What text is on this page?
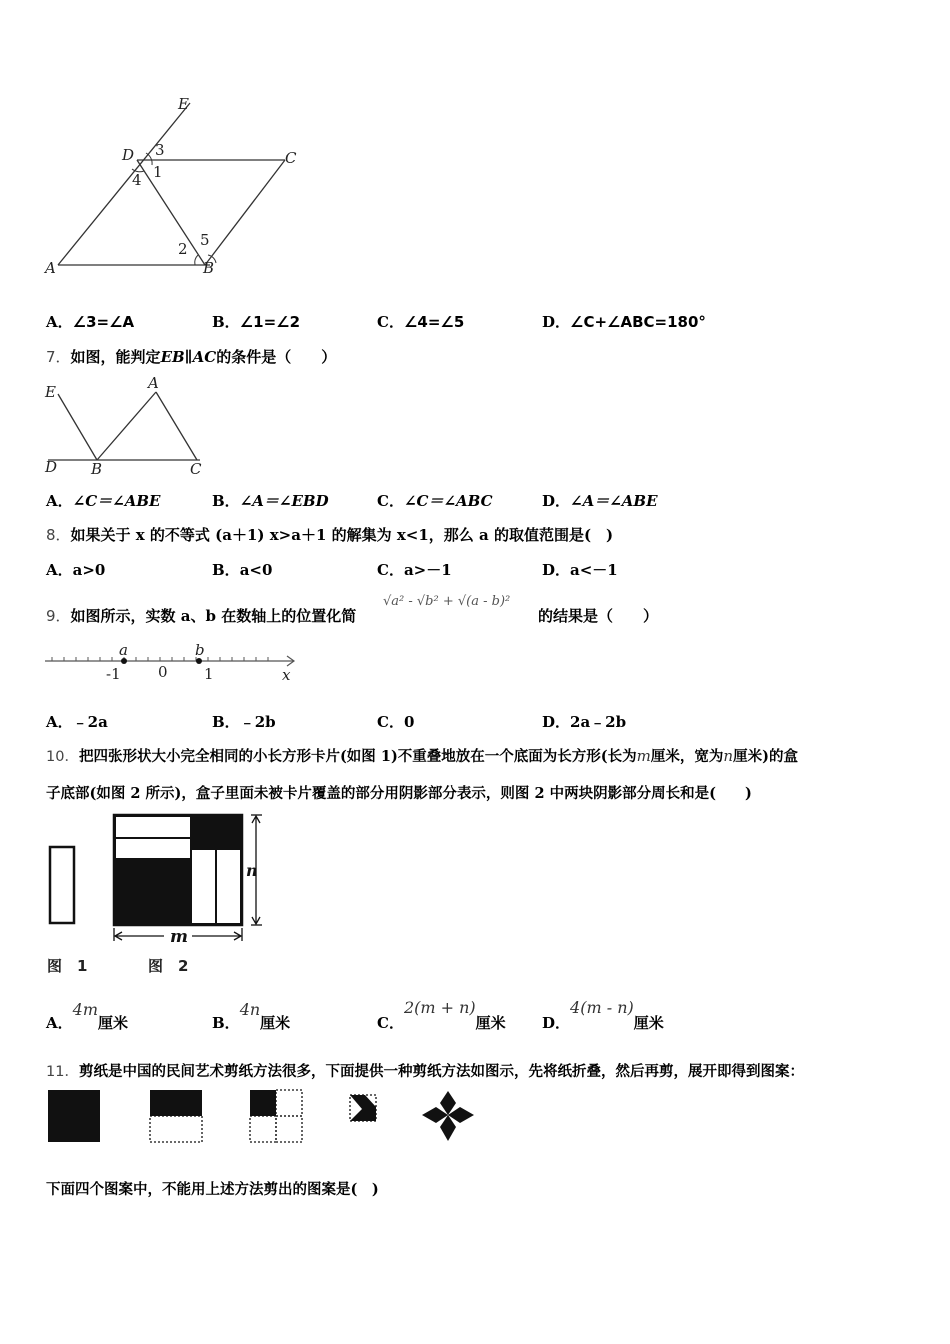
E
D	C
A	B
3
1
4
2 5
A．∠3=∠A	B．∠1=∠2	C．∠4=∠5	D．∠C+∠ABC=180°
7．如图，能判定EB∥AC的条件是（　　）
E	A
D B	C
A．∠C＝∠ABE	B．∠A＝∠EBD	C．∠C＝∠ABC	D．∠A＝∠ABE
8．如果关于 x 的不等式 (a＋1) x>a＋1 的解集为 x<1，那么 a 的取值范围是(　)
A．a>0	B．a<0	C．a>－1	D．a<－1
9．如图所示，实数 a、b 在数轴上的位置化简
√a² - √b² + √(a - b)²
的结果是（　　）
a	b
-1 0 1	x
A．﹣2a	B．﹣2b	C．0	D．2a﹣2b
10．把四张形状大小完全相同的小长方形卡片(如图 1)不重叠地放在一个底面为长方形(长为m厘米，宽为n厘米)的盒
子底部(如图 2 所示)，盒子里面未被卡片覆盖的部分用阴影部分表示，则图 2 中两块阴影部分周长和是(　　)
n
m
图　1	图　2
A．4m厘米	B．4n厘米	C．2(m + n)厘米 D．4(m - n)厘米
11．剪纸是中国的民间艺术剪纸方法很多，下面提供一种剪纸方法如图示，先将纸折叠，然后再剪，展开即得到图案：
下面四个图案中，不能用上述方法剪出的图案是(　)
